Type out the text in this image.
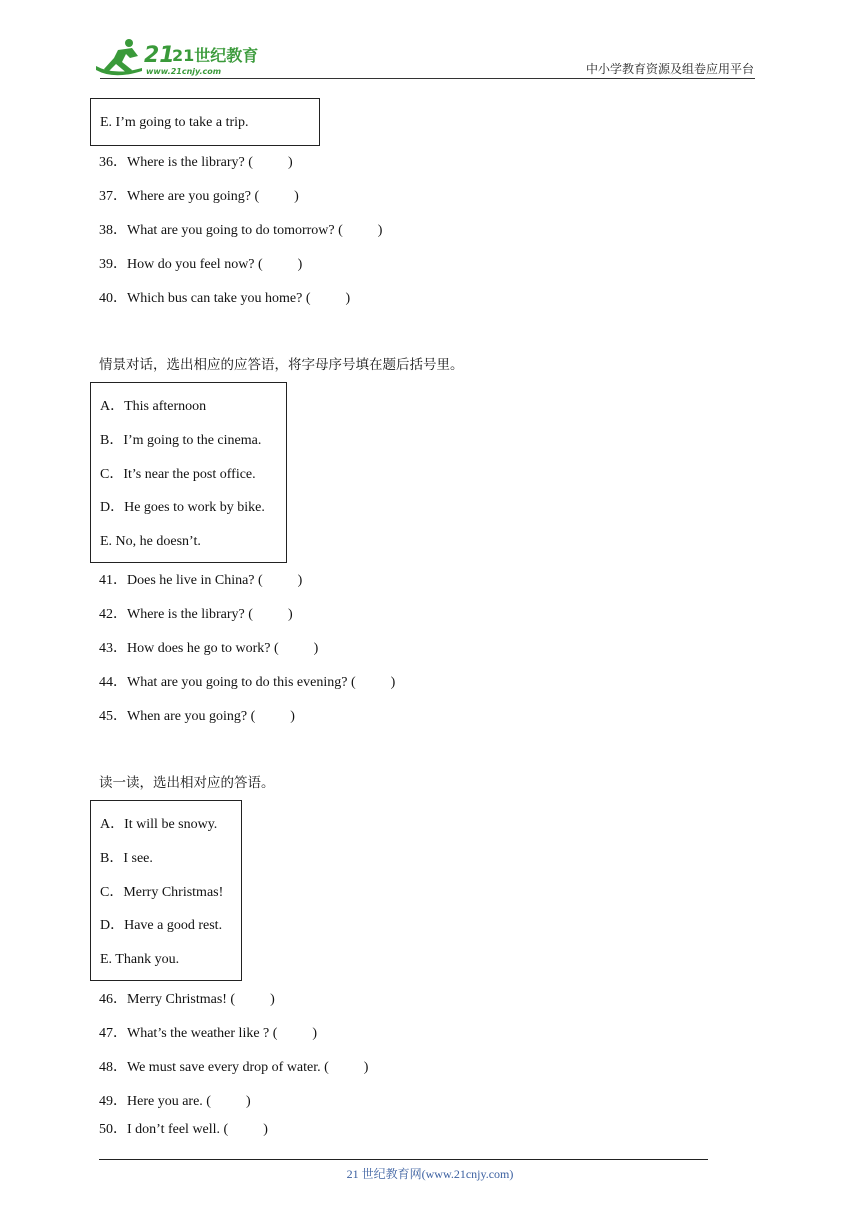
21
21世纪教育
www.21cnjy.com	中小学教育资源及组卷应用平台
E. I’m going to take a trip.
36．Where is the library? (          )
37．Where are you going? (          )
38．What are you going to do tomorrow? (          )
39．How do you feel now? (          )
40．Which bus can take you home? (          )
情景对话，选出相应的应答语，将字母序号填在题后括号里。
A．This afternoon
B．I’m going to the cinema.
C．It’s near the post office.
D．He goes to work by bike.
E. No, he doesn’t.
41．Does he live in China? (          )
42．Where is the library? (          )
43．How does he go to work? (          )
44．What are you going to do this evening? (          )
45．When are you going? (          )
读一读，选出相对应的答语。
A．It will be snowy.
B．I see.
C．Merry Christmas!
D．Have a good rest.
E. Thank you.
46．Merry Christmas! (          )
47．What’s the weather like ? (          )
48．We must save every drop of water. (          )
49．Here you are. (          )
50．I don’t feel well. (          )
21 世纪教育网(www.21cnjy.com)
